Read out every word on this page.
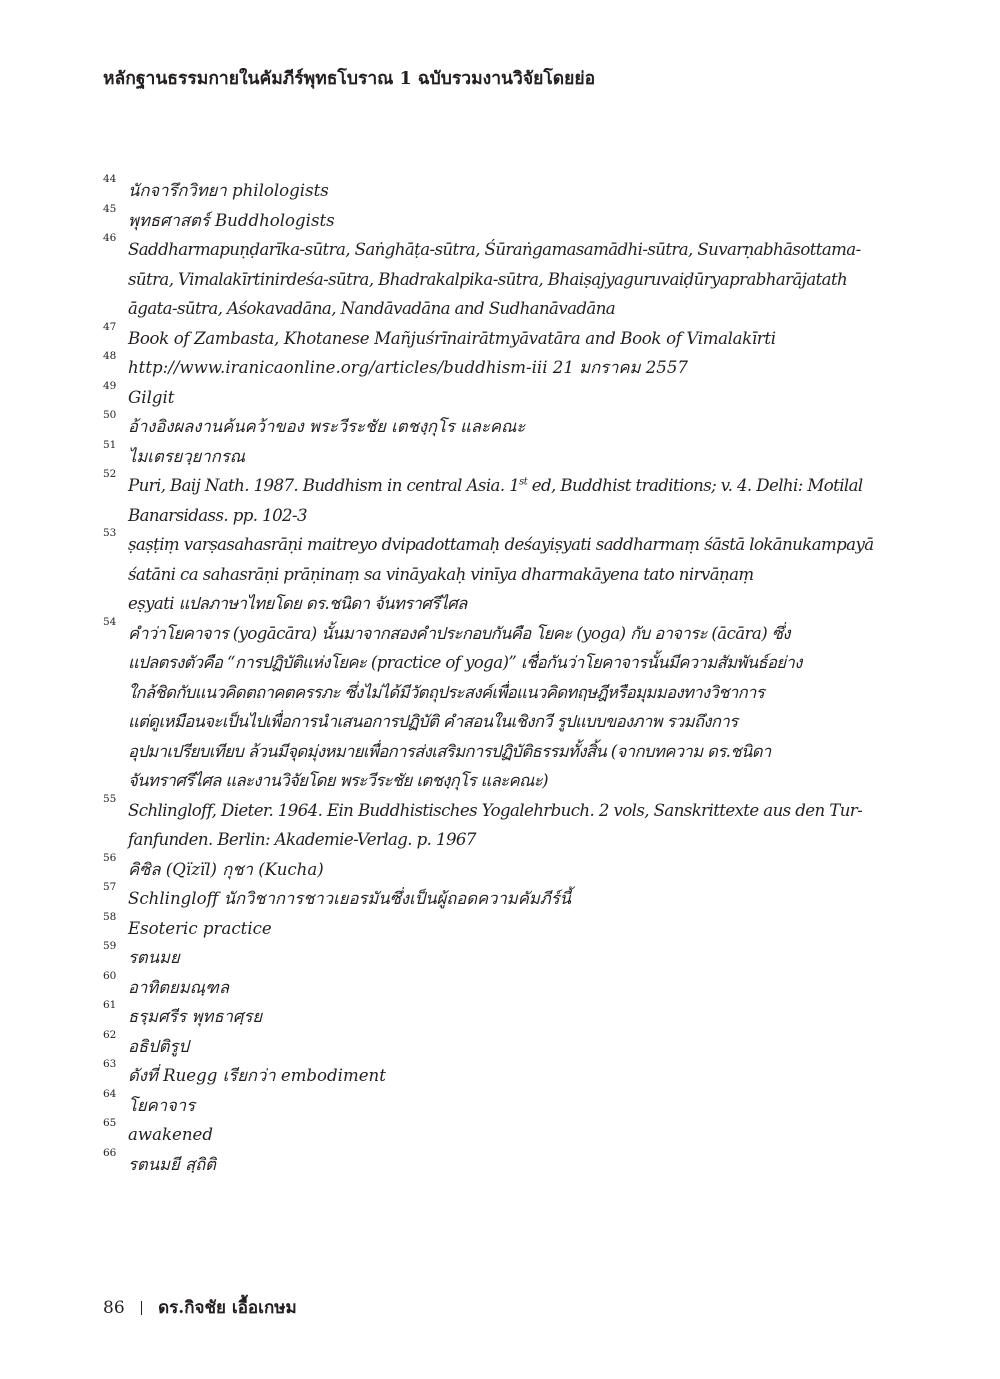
หลักฐานธรรมกายในคัมภีร์พุทธโบราณ 1 ฉบับรวมงานวิจัยโดยย่อ
44
นักจารึกวิทยา philologists
45
พุทธศาสตร์ Buddhologists
46
Saddharmapuṇḍarīka-sūtra, Saṅghāṭa-sūtra, Śūraṅgamasamādhi-sūtra, Suvarṇabhāsottama-
sūtra, Vimalakīrtinirdeśa-sūtra, Bhadrakalpika-sūtra, Bhaiṣajyaguruvaiḍūryaprabharājatath
āgata-sūtra, Aśokavadāna, Nandāvadāna and Sudhanāvadāna
47
Book of Zambasta, Khotanese Mañjuśrīnairātmyāvatāra and Book of Vimalakīrti
48
http://www.iranicaonline.org/articles/buddhism-iii 21 มกราคม 2557
49
Gilgit
50
อ้างอิงผลงานค้นคว้าของ พระวีระชัย เตชงฺกุโร และคณะ
51
ไมเตรยวฺยากรณ
52
Puri, Baij Nath. 1987. Buddhism in central Asia. 1st ed, Buddhist traditions; v. 4. Delhi: Motilal
Banarsidass. pp. 102-3
53
ṣaṣṭiṃ varṣasahasrāṇi maitreyo dvipadottamaḥ deśayiṣyati saddharmaṃ śāstā lokānukampayā
śatāni ca sahasrāṇi prāṇinaṃ sa vināyakaḥ vinīya dharmakāyena tato nirvāṇaṃ
eṣyati แปลภาษาไทยโดย ดร.ชนิดา จันทราศรีไศล
54
คำว่าโยคาจาร (yogācāra) นั้นมาจากสองคำประกอบกันคือ โยคะ (yoga) กับ อาจาระ (ācāra) ซึ่ง
แปลตรงตัวคือ “การปฏิบัติแห่งโยคะ (practice of yoga)” เชื่อกันว่าโยคาจารนั้นมีความสัมพันธ์อย่าง
ใกล้ชิดกับแนวคิดตถาคตครรภะ ซึ่งไม่ได้มีวัตถุประสงค์เพื่อแนวคิดทฤษฎีหรือมุมมองทางวิชาการ
แต่ดูเหมือนจะเป็นไปเพื่อการนำเสนอการปฏิบัติ คำสอนในเชิงกวี รูปแบบของภาพ รวมถึงการ
อุปมาเปรียบเทียบ ล้วนมีจุดมุ่งหมายเพื่อการส่งเสริมการปฏิบัติธรรมทั้งสิ้น (จากบทความ ดร.ชนิดา
จันทราศรีไศล และงานวิจัยโดย พระวีระชัย เตชงฺกุโร และคณะ)
55
Schlingloff, Dieter. 1964. Ein Buddhistisches Yogalehrbuch. 2 vols, Sanskrittexte aus den Tur-
fanfunden. Berlin: Akademie-Verlag. p. 1967
56
คิซิล (Qïzïl) กุชา (Kucha)
57
Schlingloff นักวิชาการชาวเยอรมันซึ่งเป็นผู้ถอดความคัมภีร์นี้
58
Esoteric practice
59
รตนมย
60
อาทิตยมณฺฑล
61
ธรฺมศรีร พุทธาศฺรย
62
อธิปติรูป
63
ดังที่ Ruegg เรียกว่า embodiment
64
โยคาจาร
65
awakened
66
รตนมยี สฺถิติ
86 ดร.กิจชัย เอื้อเกษม
